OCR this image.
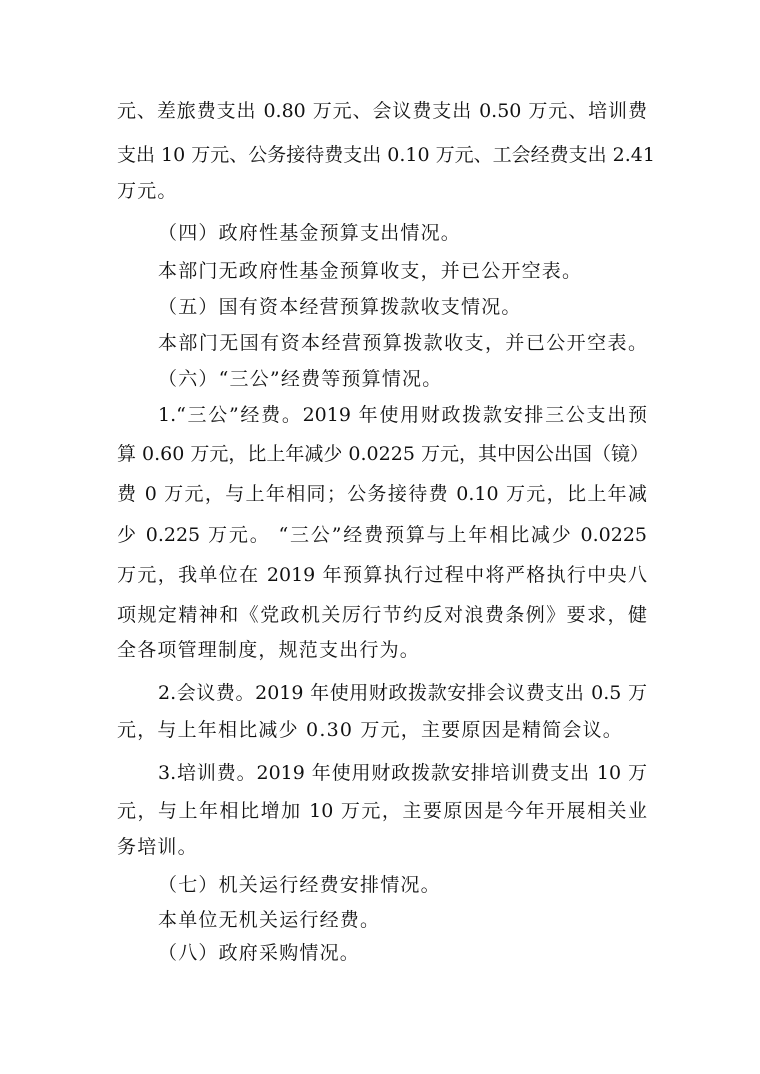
元、差旅费支出 0.80 万元、会议费支出 0.50 万元、培训费
支出 10 万元、公务接待费支出 0.10 万元、工会经费支出 2.41
万元。
（四）政府性基金预算支出情况。
本部门无政府性基金预算收支，并已公开空表。
（五）国有资本经营预算拨款收支情况。
本部门无国有资本经营预算拨款收支，并已公开空表。
（六）“三公”经费等预算情况。
1.“三公”经费。2019 年使用财政拨款安排三公支出预
算 0.60 万元，比上年减少 0.0225 万元，其中因公出国（镜）
费 0 万元，与上年相同；公务接待费 0.10 万元，比上年减
少 0.225 万元。 “三公”经费预算与上年相比减少 0.0225
万元，我单位在 2019 年预算执行过程中将严格执行中央八
项规定精神和《党政机关厉行节约反对浪费条例》要求，健
全各项管理制度，规范支出行为。
2.会议费。2019 年使用财政拨款安排会议费支出 0.5 万
元，与上年相比减少 0.30 万元，主要原因是精简会议。
3.培训费。2019 年使用财政拨款安排培训费支出 10 万
元，与上年相比增加 10 万元，主要原因是今年开展相关业
务培训。
（七）机关运行经费安排情况。
本单位无机关运行经费。
（八）政府采购情况。
